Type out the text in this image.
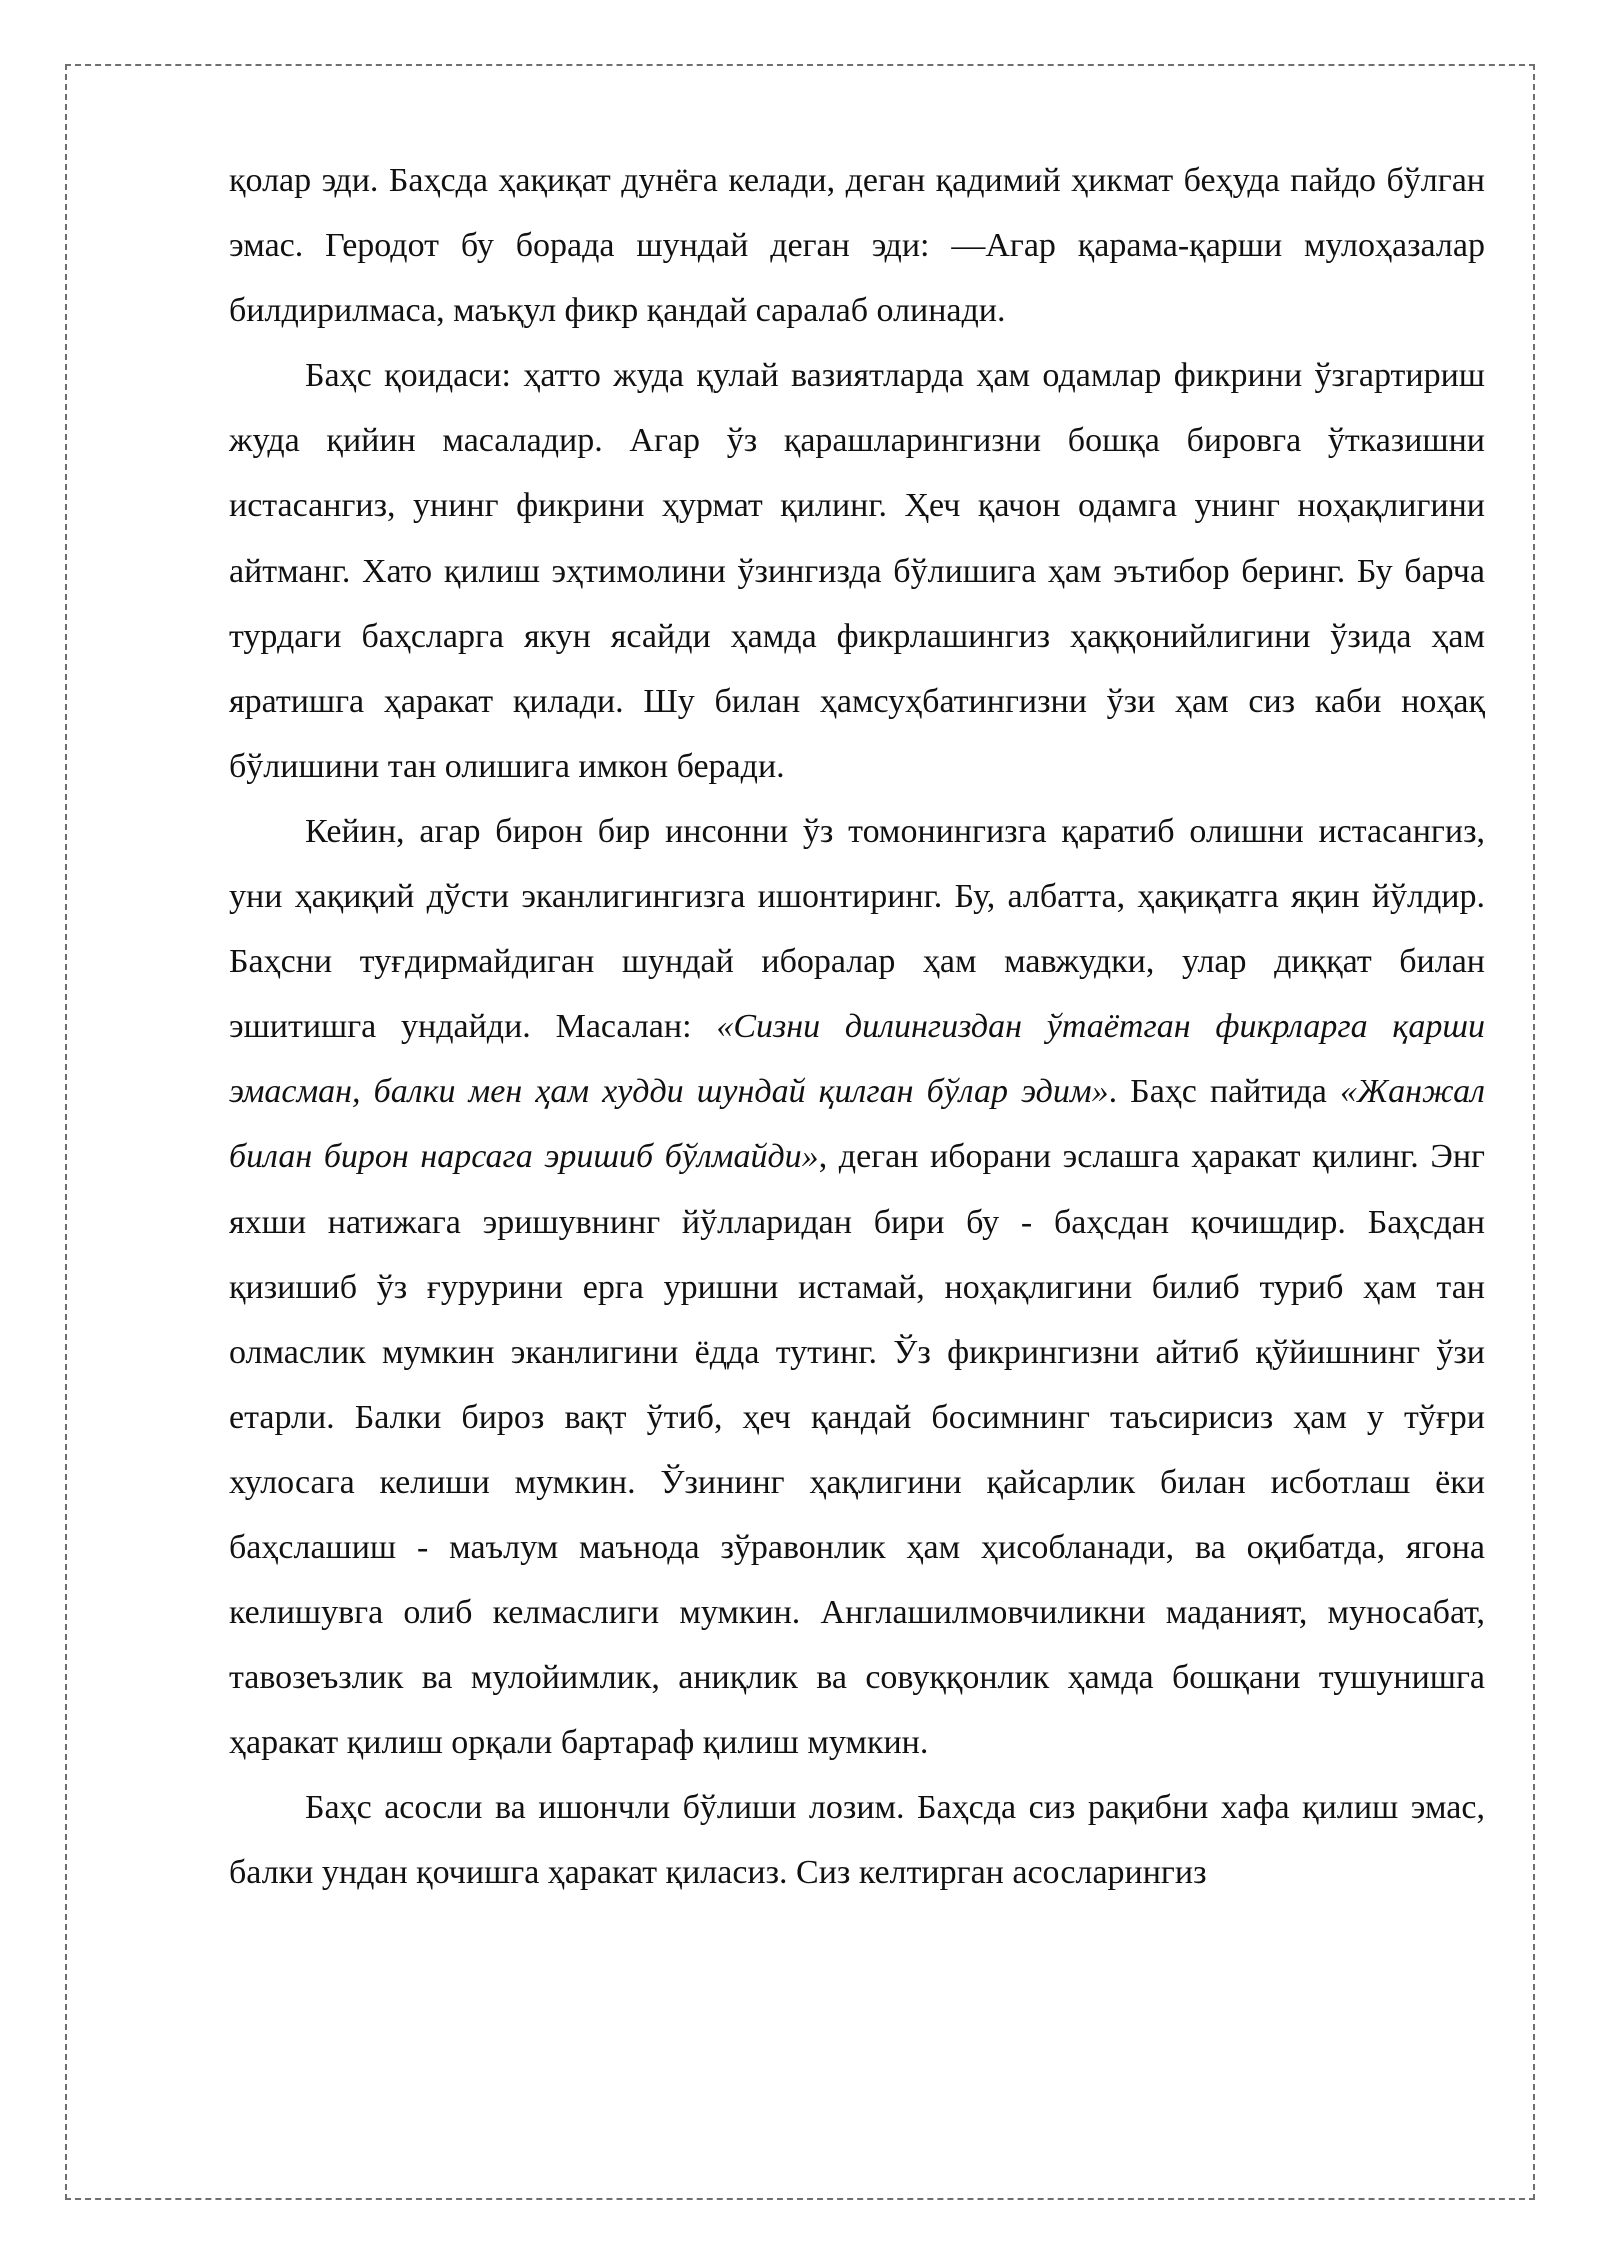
қолар эди. Баҳсда ҳақиқат дунёга келади, деган қадимий ҳикмат беҳуда пайдо бўлган эмас. Геродот бу борада шундай деган эди: —Агар қарама-қарши мулоҳазалар билдирилмаса, маъқул фикр қандай саралаб олинади.

Баҳс қоидаси: ҳатто жуда қулай вазиятларда ҳам одамлар фикрини ўзгартириш жуда қийин масаладир. Агар ўз қарашларингизни бошқа бировга ўтказишни истасангиз, унинг фикрини ҳурмат қилинг. Ҳеч қачон одамга унинг ноҳақлигини айтманг. Хато қилиш эҳтимолини ўзингизда бўлишига ҳам эътибор беринг. Бу барча турдаги баҳсларга якун ясайди ҳамда фикрлашингиз ҳаққонийлигини ўзида ҳам яратишга ҳаракат қилади. Шу билан ҳамсуҳбатингизни ўзи ҳам сиз каби ноҳақ бўлишини тан олишига имкон беради.

Кейин, агар бирон бир инсонни ўз томонингизга қаратиб олишни истасангиз, уни ҳақиқий дўсти эканлигингизга ишонтиринг. Бу, албатта, ҳақиқатга яқин йўлдир. Баҳсни туғдирмайдиган шундай иборалар ҳам мавжудки, улар диққат билан эшитишга ундайди. Масалан: «Сизни дилингиздан ўтаётган фикрларга қарши эмасман, балки мен ҳам худди шундай қилган бўлар эдим». Баҳс пайтида «Жанжал билан бирон нарсага эришиб бўлмайди», деган иборани эслашга ҳаракат қилинг. Энг яхши натижага эришувнинг йўлларидан бири бу - баҳсдан қочишдир. Баҳсдан қизишиб ўз ғурурини ерга уришни истамай, ноҳақлигини билиб туриб ҳам тан олмаслик мумкин эканлигини ёдда тутинг. Ўз фикрингизни айтиб қўйишнинг ўзи етарли. Балки бироз вақт ўтиб, ҳеч қандай босимнинг таъсирисиз ҳам у тўғри хулосага келиши мумкин. Ўзининг ҳақлигини қайсарлик билан исботлаш ёки баҳслашиш - маълум маънода зўравонлик ҳам ҳисобланади, ва оқибатда, ягона келишувга олиб келмаслиги мумкин. Англашилмовчиликни маданият, муносабат, тавозеъзлик ва мулойимлик, аниқлик ва совуққонлик ҳамда бошқани тушунишга ҳаракат қилиш орқали бартараф қилиш мумкин.

Баҳс асосли ва ишончли бўлиши лозим. Баҳсда сиз рақибни хафа қилиш эмас, балки ундан қочишга ҳаракат қиласиз. Сиз келтирган асосларингиз
